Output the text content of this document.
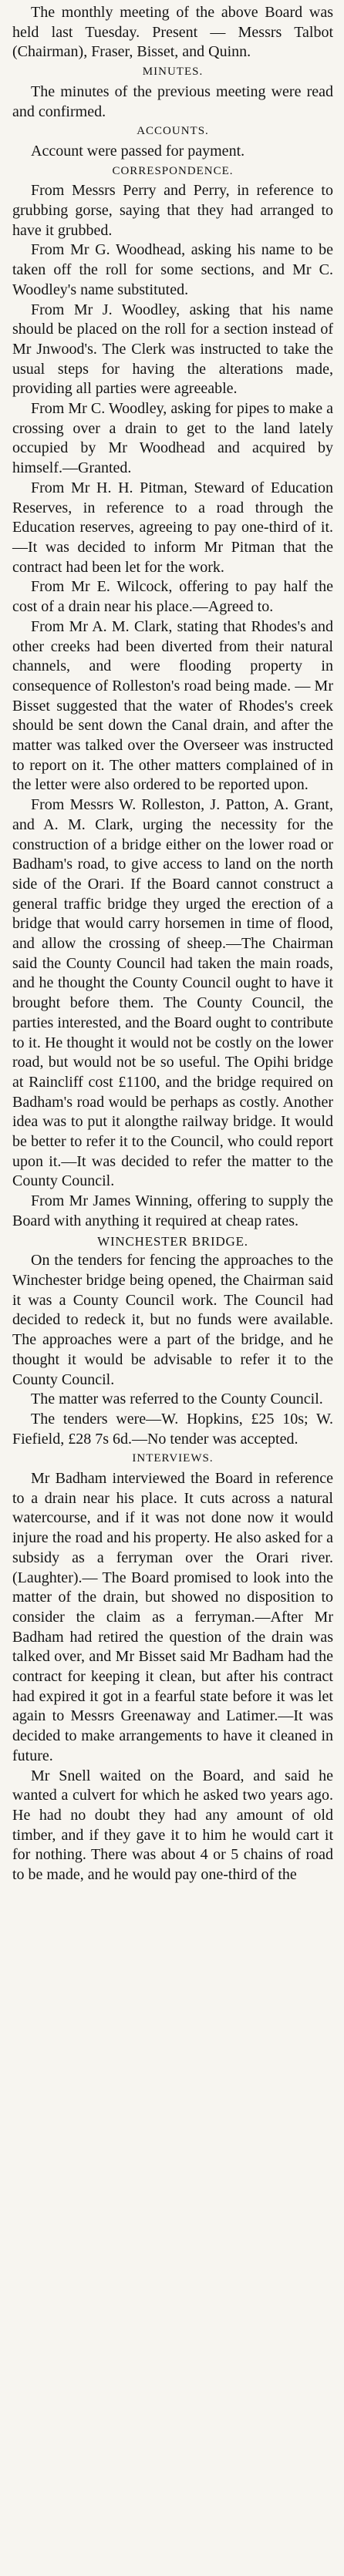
The monthly meeting of the above Board was held last Tuesday. Present — Messrs Talbot (Chairman), Fraser, Bisset, and Quinn.

MINUTES.

The minutes of the previous meeting were read and confirmed.

ACCOUNTS.

Account were passed for payment.

CORRESPONDENCE.

From Messrs Perry and Perry, in reference to grubbing gorse, saying that they had arranged to have it grubbed.

From Mr G. Woodhead, asking his name to be taken off the roll for some sections, and Mr C. Woodley's name substituted.

From Mr J. Woodley, asking that his name should be placed on the roll for a section instead of Mr Jnwood's. The Clerk was instructed to take the usual steps for having the alterations made, providing all parties were agreeable.

From Mr C. Woodley, asking for pipes to make a crossing over a drain to get to the land lately occupied by Mr Woodhead and acquired by himself.—Granted.

From Mr H. H. Pitman, Steward of Education Reserves, in reference to a road through the Education reserves, agreeing to pay one-third of it. —It was decided to inform Mr Pitman that the contract had been let for the work.

From Mr E. Wilcock, offering to pay half the cost of a drain near his place.—Agreed to.

From Mr A. M. Clark, stating that Rhodes's and other creeks had been diverted from their natural channels, and were flooding property in consequence of Rolleston's road being made. — Mr Bisset suggested that the water of Rhodes's creek should be sent down the Canal drain, and after the matter was talked over the Overseer was instructed to report on it. The other matters complained of in the letter were also ordered to be reported upon.

From Messrs W. Rolleston, J. Patton, A. Grant, and A. M. Clark, urging the necessity for the construction of a bridge either on the lower road or Badham's road, to give access to land on the north side of the Orari. If the Board cannot construct a general traffic bridge they urged the erection of a bridge that would carry horsemen in time of flood, and allow the crossing of sheep.—The Chairman said the County Council had taken the main roads, and he thought the County Council ought to have it brought before them. The County Council, the parties interested, and the Board ought to contribute to it. He thought it would not be costly on the lower road, but would not be so useful. The Opihi bridge at Raincliff cost £1100, and the bridge required on Badham's road would be perhaps as costly. Another idea was to put it alongthe railway bridge. It would be better to refer it to the Council, who could report upon it.—It was decided to refer the matter to the County Council.

From Mr James Winning, offering to supply the Board with anything it required at cheap rates.

WINCHESTER BRIDGE.

On the tenders for fencing the approaches to the Winchester bridge being opened, the Chairman said it was a County Council work. The Council had decided to redeck it, but no funds were available. The approaches were a part of the bridge, and he thought it would be advisable to refer it to the County Council.

The matter was referred to the County Council.

The tenders were—W. Hopkins, £25 10s; W. Fiefield, £28 7s 6d.—No tender was accepted.

INTERVIEWS.

Mr Badham interviewed the Board in reference to a drain near his place. It cuts across a natural watercourse, and if it was not done now it would injure the road and his property. He also asked for a subsidy as a ferryman over the Orari river. (Laughter).— The Board promised to look into the matter of the drain, but showed no disposition to consider the claim as a ferryman.—After Mr Badham had retired the question of the drain was talked over, and Mr Bisset said Mr Badham had the contract for keeping it clean, but after his contract had expired it got in a fearful state before it was let again to Messrs Greenaway and Latimer.—It was decided to make arrangements to have it cleaned in future.

Mr Snell waited on the Board, and said he wanted a culvert for which he asked two years ago. He had no doubt they had any amount of old timber, and if they gave it to him he would cart it for nothing. There was about 4 or 5 chains of road to be made, and he would pay one-third of the
